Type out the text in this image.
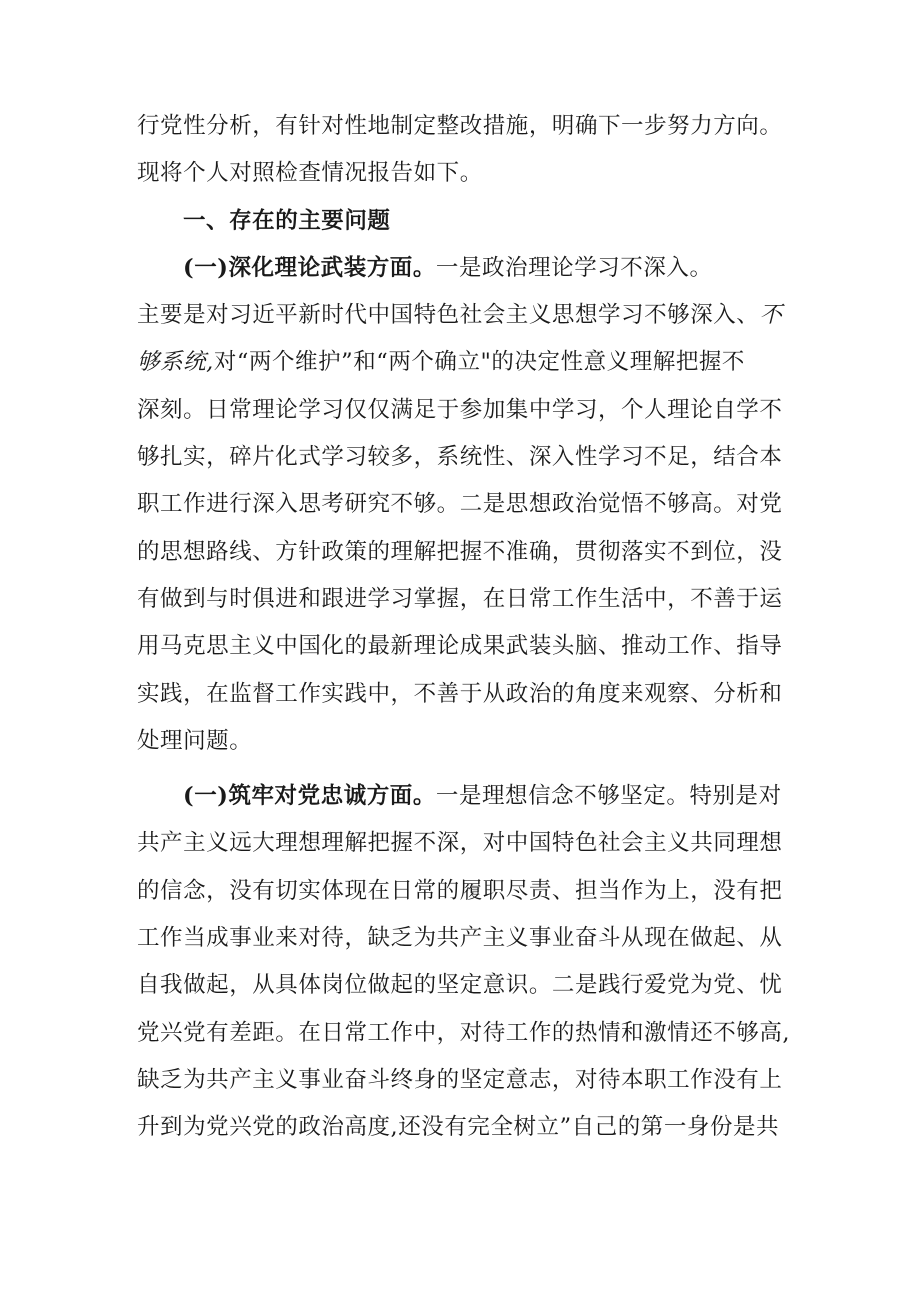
行党性分析，有针对性地制定整改措施，明确下一步努力方向。
现将个人对照检查情况报告如下。
一、存在的主要问题
(一)深化理论武装方面。一是政治理论学习不深入。
主要是对习近平新时代中国特色社会主义思想学习不够深入、不
够系统,对“两个维护”和“两个确立"的决定性意义理解把握不
深刻。日常理论学习仅仅满足于参加集中学习，个人理论自学不
够扎实，碎片化式学习较多，系统性、深入性学习不足，结合本
职工作进行深入思考研究不够。二是思想政治觉悟不够高。对党
的思想路线、方针政策的理解把握不准确，贯彻落实不到位，没
有做到与时俱进和跟进学习掌握，在日常工作生活中，不善于运
用马克思主义中国化的最新理论成果武装头脑、推动工作、指导
实践，在监督工作实践中，不善于从政治的角度来观察、分析和
处理问题。
(一)筑牢对党忠诚方面。一是理想信念不够坚定。特别是对
共产主义远大理想理解把握不深，对中国特色社会主义共同理想
的信念，没有切实体现在日常的履职尽责、担当作为上，没有把
工作当成事业来对待，缺乏为共产主义事业奋斗从现在做起、从
自我做起，从具体岗位做起的坚定意识。二是践行爱党为党、忧
党兴党有差距。在日常工作中，对待工作的热情和激情还不够高,
缺乏为共产主义事业奋斗终身的坚定意志，对待本职工作没有上
升到为党兴党的政治高度,还没有完全树立”自己的第一身份是共
